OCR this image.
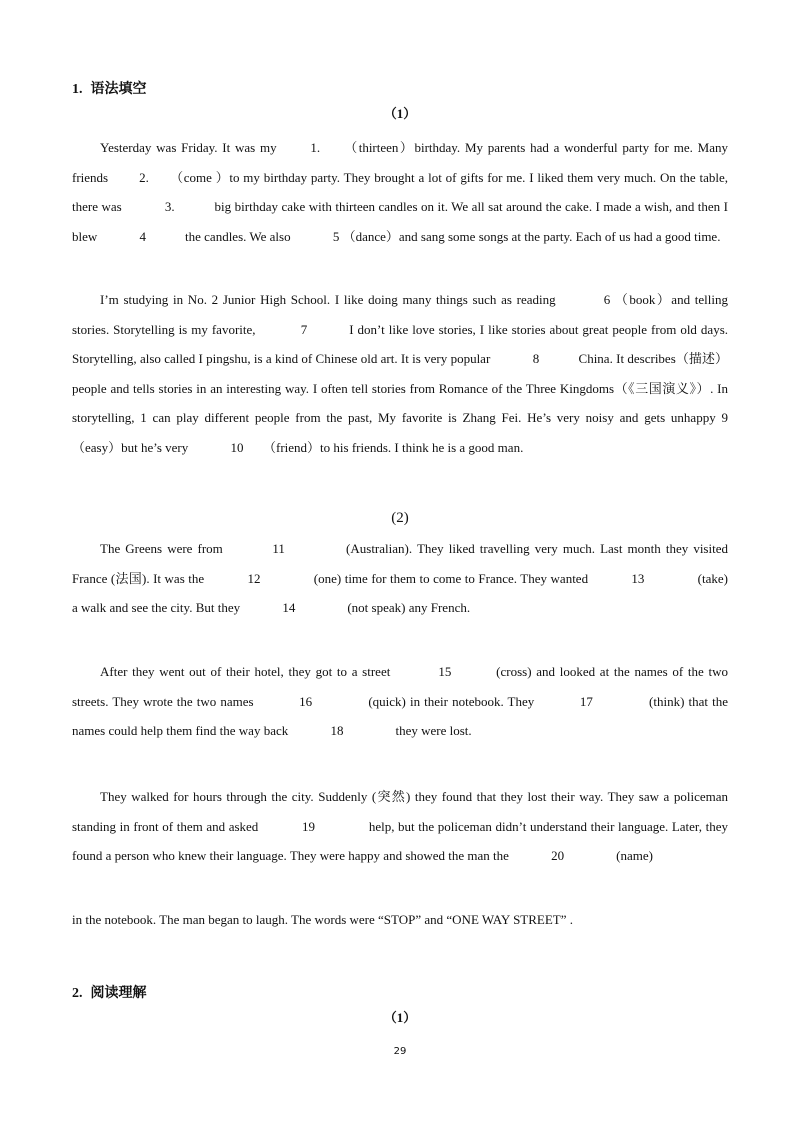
1. 语法填空
（1）

Yesterday was Friday. It was my 　　1.　　（thirteen）birthday. My parents had a wonderful party for me. Many friends 　　2.　　（come ）to my birthday party. They brought a lot of gifts for me. I liked them very much. On the table, there was 　　　3.　　　big birthday cake with thirteen candles on it. We all sat around the cake. I made a wish, and then I blew 　　　4　　　the candles. We also 　　　5 （dance）and sang some songs at the party. Each of us had a good time.

I’m studying in No. 2 Junior High School. I like doing many things such as reading 　　　6 （book）and telling stories. Storytelling is my favorite, 　　　7　　　I don’t like love stories, I like stories about great people from old days. Storytelling, also called I pingshu, is a kind of Chinese old art. It is very popular 　　　8　　　China. It describes（描述）people and tells stories in an interesting way. I often tell stories from Romance of the Three Kingdoms（《三国演义》）. In storytelling, 1 can play different people from the past, My favorite is Zhang Fei. He’s very noisy and gets unhappy 9　　（easy）but he’s very 　　　10　　（friend）to his friends. I think he is a good man.

(2)

The Greens were from 　　　11　　　　(Australian). They liked travelling very much. Last month they visited France (法国). It was the 　　　12　　　　(one) time for them to come to France. They wanted 　　　13　　　　(take) a walk and see the city. But they 　　　14　　　　(not speak) any French.

After they went out of their hotel, they got to a street 　　　15　　　(cross) and looked at the names of the two streets. They wrote the two names 　　　16　　　　(quick) in their notebook. They 　　　17　　　　(think) that the names could help them find the way back 　　　18　　　　they were lost.

They walked for hours through the city. Suddenly (突然) they found that they lost their way. They saw a policeman standing in front of them and asked 　　　19　　　　help, but the policeman didn’t understand their language. Later, they found a person who knew their language. They were happy and showed the man the 　　　20　　　　(name)

in the notebook. The man began to laugh. The words were “STOP” and “ONE WAY STREET” .

2. 阅读理解
（1）
29
